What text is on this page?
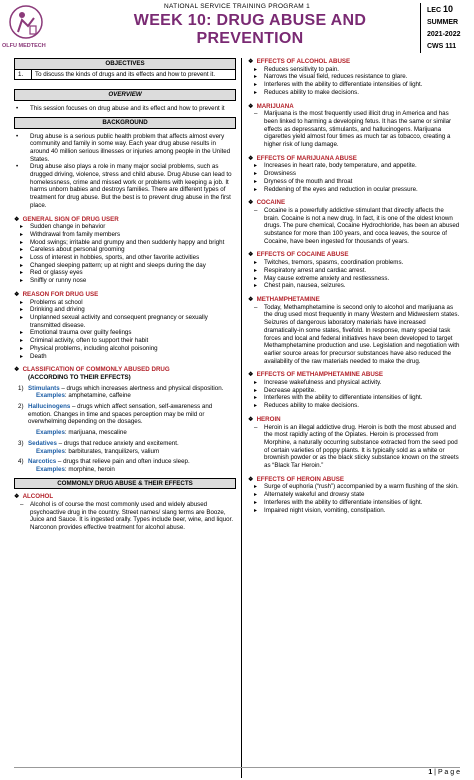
OLFU MEDTECH
NATIONAL SERVICE TRAINING PROGRAM 1
WEEK 10: DRUG ABUSE AND
PREVENTION
LEC 10
SUMMER
2021-2022
CWS 111
OBJECTIVES
1.	To discuss the kinds of drugs and its effects and how to prevent it.
OVERVIEW
• This session focuses on drug abuse and its effect and how to prevent it
BACKGROUND
• Drug abuse is a serious public health problem that affects almost every community and family in some way. Each year drug abuse results in around 40 million serious illnesses or injuries among people in the United States.
• Drug abuse also plays a role in many major social problems, such as drugged driving, violence, stress and child abuse. Drug Abuse can lead to homelessness, crime and missed work or problems with keeping a job. It harms unborn babies and destroys families. There are different types of treatment for drug abuse. But the best is to prevent drug abuse in the first place.
❖ GENERAL SIGN OF DRUG USER
▸ Sudden change in behavior
▸ Withdrawal from family members
▸ Mood swings; irritable and grumpy and then suddenly happy and bright
▸ Careless about personal grooming
▸ Loss of interest in hobbies, sports, and other favorite activities
▸ Changed sleeping pattern; up at night and sleeps during the day
▸ Red or glassy eyes
▸ Sniffly or runny nose
❖ REASON FOR DRUG USE
▸ Problems at school
▸ Drinking and driving
▸ Unplanned sexual activity and consequent pregnancy or sexually transmitted disease.
▸ Emotional trauma over guilty feelings
▸ Criminal activity, often to support their habit
▸ Physical problems, including alcohol poisoning
▸ Death
❖ CLASSIFICATION OF COMMONLY ABUSED DRUG
(ACCORDING TO THEIR EFFECTS)
1) Stimulants – drugs which increases alertness and physical disposition.
Examples: amphetamine, caffeine
2) Hallucinogens – drugs which affect sensation, self-awareness and emotion. Changes in time and spaces perception may be mild or overwhelming depending on the dosages.
Examples: marijuana, mescaline
3) Sedatives – drugs that reduce anxiety and excitement.
Examples: barbiturates, tranquilizers, valium
4) Narcotics – drugs that relieve pain and often induce sleep.
Examples: morphine, heroin
COMMONLY DRUG ABUSE & THEIR EFFECTS
❖ ALCOHOL
– Alcohol is of course the most commonly used and widely abused psychoactive drug in the country. Street names/ slang terms are Booze, Juice and Sauce. It is ingested orally. Types include beer, wine, and liquor. Narconon provides effective treatment for alcohol abuse.
❖ EFFECTS OF ALCOHOL ABUSE
▸ Reduces sensitivity to pain.
▸ Narrows the visual field, reduces resistance to glare.
▸ Interferes with the ability to differentiate intensities of light.
▸ Reduces ability to make decisions.
❖ MARIJUANA
– Marijuana is the most frequently used illicit drug in America and has been linked to harming a developing fetus. It has the same or similar effects as depressants, stimulants, and hallucinogens. Marijuana cigarettes yield almost four times as much tar as tobacco, creating a higher risk of lung damage.
❖ EFFECTS OF MARIJUANA ABUSE
▸ Increases in heart rate, body temperature, and appetite.
▸ Drowsiness
▸ Dryness of the mouth and throat
▸ Reddening of the eyes and reduction in ocular pressure.
❖ COCAINE
– Cocaine is a powerfully addictive stimulant that directly affects the brain. Cocaine is not a new drug. In fact, it is one of the oldest known drugs. The pure chemical, Cocaine Hydrochloride, has been an abused substance for more than 100 years, and coca leaves, the source of Cocaine, have been ingested for thousands of years.
❖ EFFECTS OF COCAINE ABUSE
▸ Twitches, tremors, spasms, coordination problems.
▸ Respiratory arrest and cardiac arrest.
▸ May cause extreme anxiety and restlessness.
▸ Chest pain, nausea, seizures.
❖ METHAMPHETAMINE
– Today, Methamphetamine is second only to alcohol and marijuana as the drug used most frequently in many Western and Midwestern states. Seizures of dangerous laboratory materials have increased dramatically-in some states, fivefold. In response, many special task forces and local and federal initiatives have been developed to target Methamphetamine production and use. Legislation and negotiation with earlier source areas for precursor substances have also reduced the availability of the raw materials needed to make the drug.
❖ EFFECTS OF METHAMPHETAMINE ABUSE
▸ Increase wakefulness and physical activity.
▸ Decrease appetite.
▸ Interferes with the ability to differentiate intensities of light.
▸ Reduces ability to make decisions.
❖ HEROIN
– Heroin is an illegal addictive drug. Heroin is both the most abused and the most rapidly acting of the Opiates. Heroin is processed from Morphine, a naturally occurring substance extracted from the seed pod of certain varieties of poppy plants. It is typically sold as a white or brownish powder or as the black sticky substance known on the streets as “Black Tar Heroin.”
❖ EFFECTS OF HEROIN ABUSE
▸ Surge of euphoria (“rush”) accompanied by a warm flushing of the skin.
▸ Alternately wakeful and drowsy state
▸ Interferes with the ability to differentiate intensities of light.
▸ Impaired night vision, vomiting, constipation.
1 | P a g e
